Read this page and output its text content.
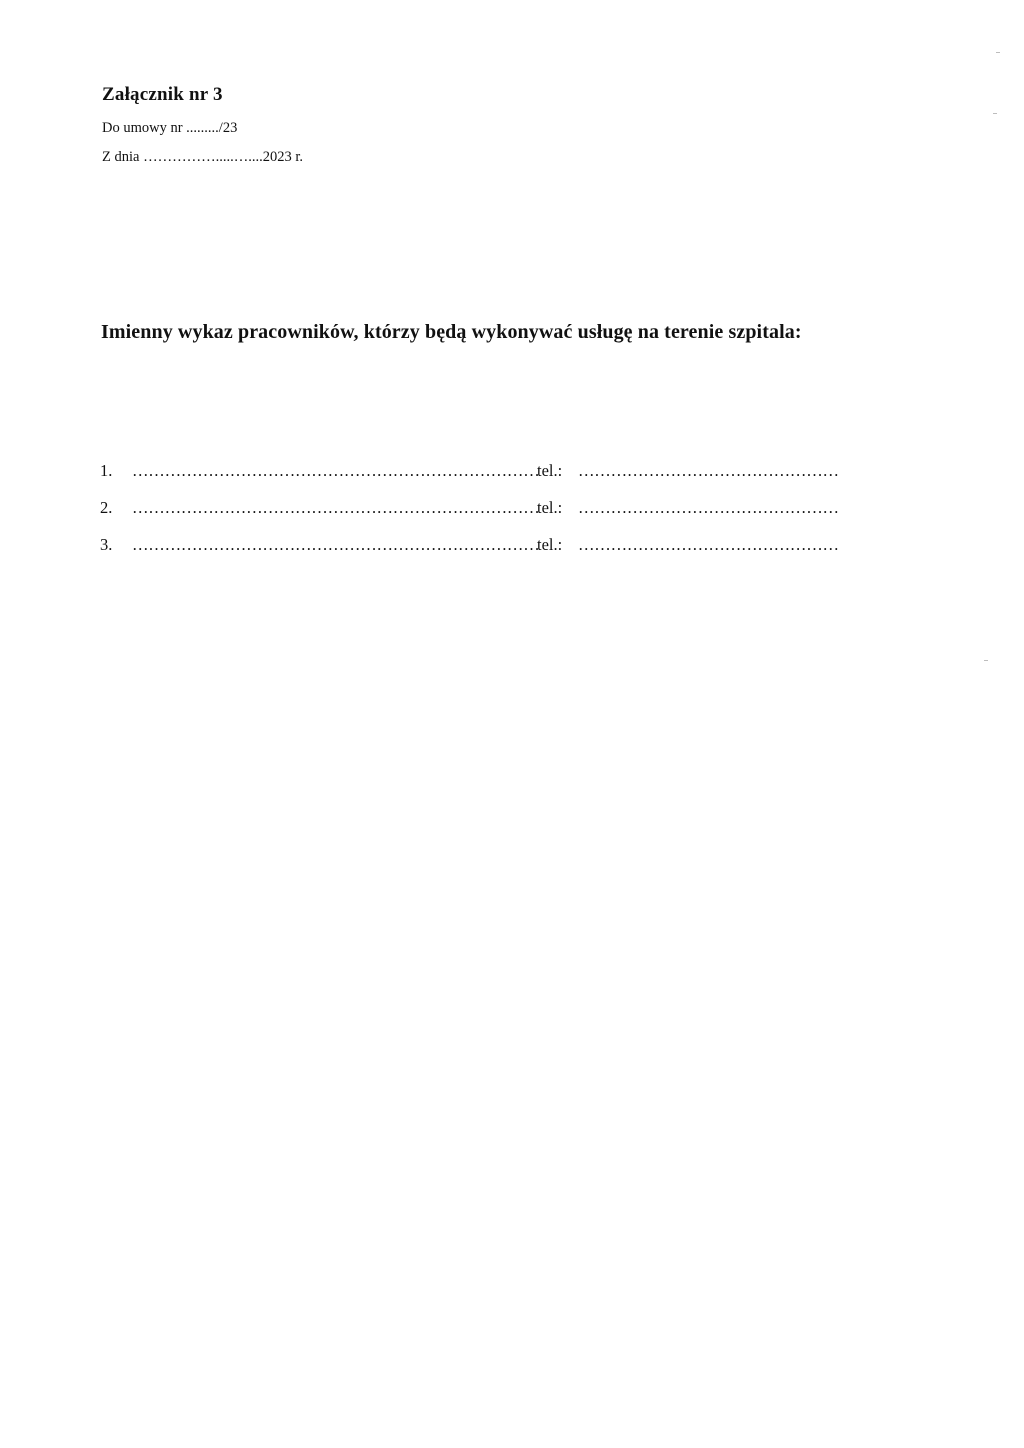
Załącznik nr 3
Do umowy nr ........./23
Z dnia …………….....…....2023 r.
Imienny wykaz pracowników, którzy będą wykonywać usługę na terenie szpitala:
1. …………………………………………………………………
tel.: …………………………………………
2. …………………………………………………………………
tel.: …………………………………………
3. …………………………………………………………………
tel.: …………………………………………
